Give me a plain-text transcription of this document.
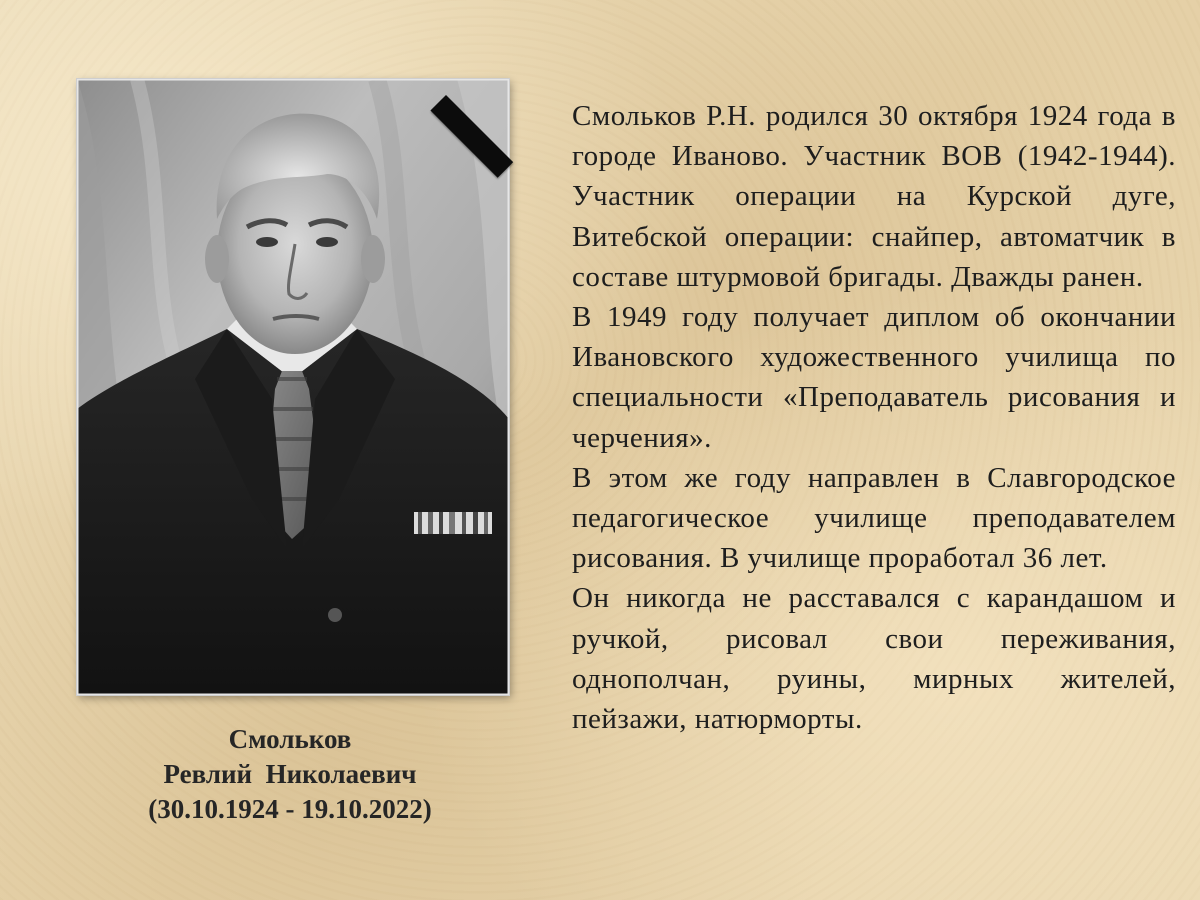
Смольков
Ревлий  Николаевич
(30.10.1924 - 19.10.2022)

Смольков Р.Н. родился 30 октября 1924 года в городе Иваново. Участник ВОВ (1942-1944). Участник операции на Курской дуге, Витебской операции: снайпер, автоматчик в составе штурмовой бригады. Дважды ранен.

В 1949 году получает диплом об окончании Ивановского художественного училища по специальности «Преподаватель рисования и черчения».

В этом же году направлен в Славгородское педагогическое училище преподавателем рисования. В училище проработал 36 лет.

Он никогда не расставался с карандашом и ручкой, рисовал свои переживания, однополчан, руины, мирных жителей, пейзажи, натюрморты.
